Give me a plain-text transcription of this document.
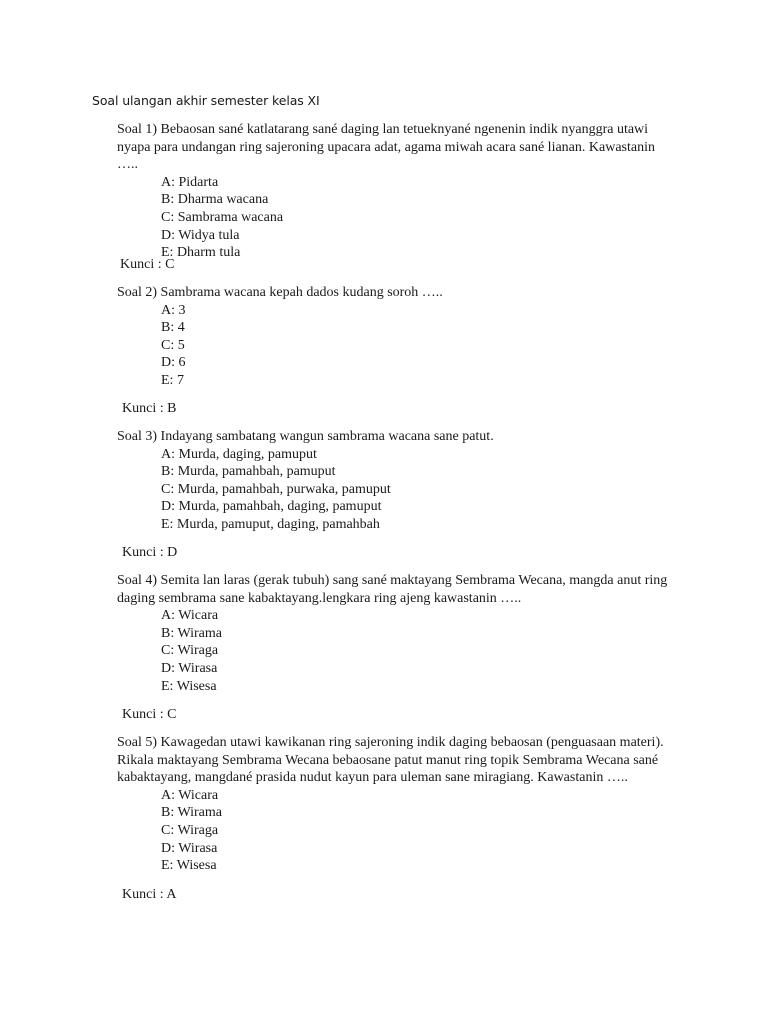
Soal ulangan akhir semester kelas XI

Soal 1) Bebaosan sané katlatarang sané daging lan tetueknyané ngenenin indik nyanggra utawi nyapa para undangan ring sajeroning upacara adat, agama miwah acara sané lianan. Kawastanin …..

A: Pidarta
B: Dharma wacana
C: Sambrama wacana
D: Widya tula
E: Dharm tula
Kunci : C

Soal 2) Sambrama wacana kepah dados kudang soroh …..

A: 3
B: 4
C: 5
D: 6
E: 7
Kunci : B

Soal 3) Indayang sambatang wangun sambrama wacana sane patut.

A: Murda, daging, pamuput
B: Murda, pamahbah, pamuput
C: Murda, pamahbah, purwaka, pamuput
D: Murda, pamahbah, daging, pamuput
E: Murda, pamuput, daging, pamahbah
Kunci : D

Soal 4) Semita lan laras (gerak tubuh) sang sané maktayang Sembrama Wecana, mangda anut ring daging sembrama sane kabaktayang.lengkara ring ajeng kawastanin …..

A: Wicara
B: Wirama
C: Wiraga
D: Wirasa
E: Wisesa
Kunci : C

Soal 5) Kawagedan utawi kawikanan ring sajeroning indik daging bebaosan (penguasaan materi). Rikala maktayang Sembrama Wecana bebaosane patut manut ring topik Sembrama Wecana sané kabaktayang, mangdané prasida nudut kayun para uleman sane miragiang. Kawastanin …..

A: Wicara
B: Wirama
C: Wiraga
D: Wirasa
E: Wisesa
Kunci : A
